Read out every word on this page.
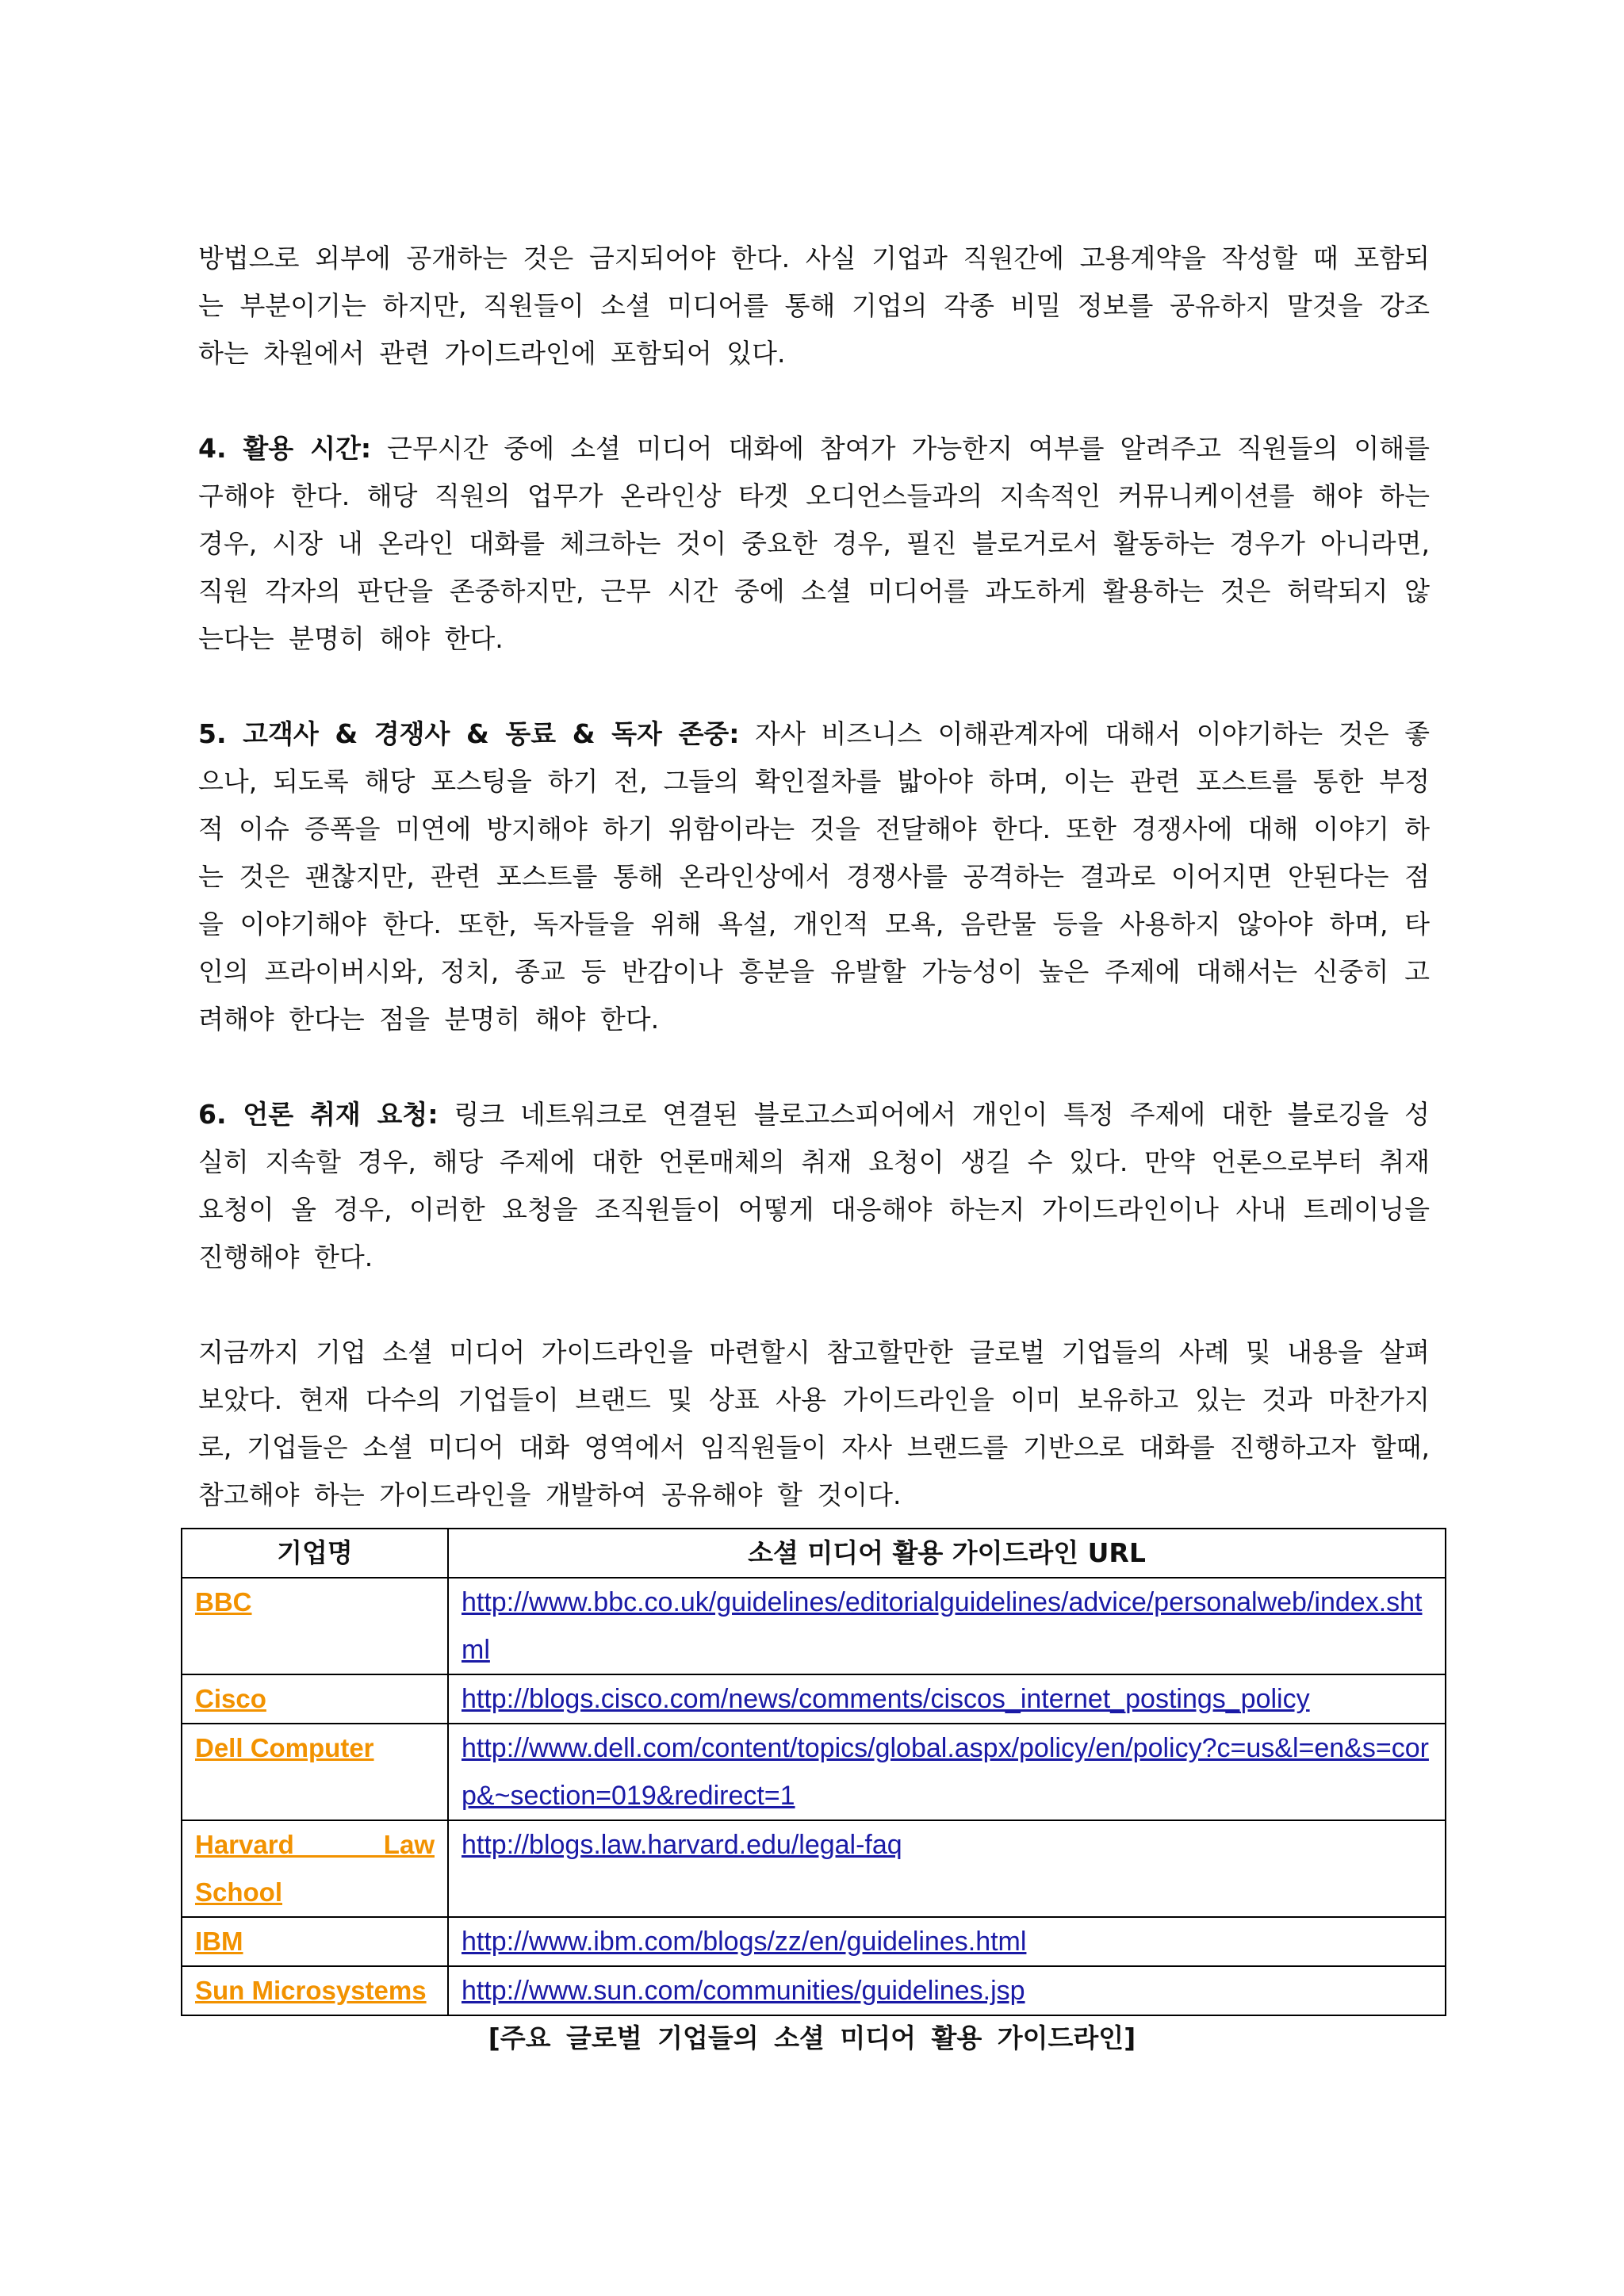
방법으로 외부에 공개하는 것은 금지되어야 한다. 사실 기업과 직원간에 고용계약을 작성할 때 포함되는 부분이기는 하지만, 직원들이 소셜 미디어를 통해 기업의 각종 비밀 정보를 공유하지 말것을 강조하는 차원에서 관련 가이드라인에 포함되어 있다.

4. 활용 시간: 근무시간 중에 소셜 미디어 대화에 참여가 가능한지 여부를 알려주고 직원들의 이해를 구해야 한다. 해당 직원의 업무가 온라인상 타겟 오디언스들과의 지속적인 커뮤니케이션를 해야 하는 경우, 시장 내 온라인 대화를 체크하는 것이 중요한 경우, 필진 블로거로서 활동하는 경우가 아니라면, 직원 각자의 판단을 존중하지만, 근무 시간 중에 소셜 미디어를 과도하게 활용하는 것은 허락되지 않는다는 분명히 해야 한다.

5. 고객사 & 경쟁사 & 동료 & 독자 존중: 자사 비즈니스 이해관계자에 대해서 이야기하는 것은 좋으나, 되도록 해당 포스팅을 하기 전, 그들의 확인절차를 밟아야 하며, 이는 관련 포스트를 통한 부정적 이슈 증폭을 미연에 방지해야 하기 위함이라는 것을 전달해야 한다. 또한 경쟁사에 대해 이야기 하는 것은 괜찮지만, 관련 포스트를 통해 온라인상에서 경쟁사를 공격하는 결과로 이어지면 안된다는 점을 이야기해야 한다. 또한, 독자들을 위해 욕설, 개인적 모욕, 음란물 등을 사용하지 않아야 하며, 타인의 프라이버시와, 정치, 종교 등 반감이나 흥분을 유발할 가능성이 높은 주제에 대해서는 신중히 고려해야 한다는 점을 분명히 해야 한다.

6. 언론 취재 요청: 링크 네트워크로 연결된 블로고스피어에서 개인이 특정 주제에 대한 블로깅을 성실히 지속할 경우, 해당 주제에 대한 언론매체의 취재 요청이 생길 수 있다. 만약 언론으로부터 취재 요청이 올 경우, 이러한 요청을 조직원들이 어떻게 대응해야 하는지 가이드라인이나 사내 트레이닝을 진행해야 한다.

지금까지 기업 소셜 미디어 가이드라인을 마련할시 참고할만한 글로벌 기업들의 사례 및 내용을 살펴보았다. 현재 다수의 기업들이 브랜드 및 상표 사용 가이드라인을 이미 보유하고 있는 것과 마찬가지로, 기업들은 소셜 미디어 대화 영역에서 임직원들이 자사 브랜드를 기반으로 대화를 진행하고자 할때, 참고해야 하는 가이드라인을 개발하여 공유해야 할 것이다.

기업명	소셜 미디어 활용 가이드라인 URL
BBC	http://www.bbc.co.uk/guidelines/editorialguidelines/advice/personalweb/index.shtml
Cisco	http://blogs.cisco.com/news/comments/ciscos_internet_postings_policy
Dell Computer	http://www.dell.com/content/topics/global.aspx/policy/en/policy?c=us&l=en&s=corp&~section=019&redirect=1
Harvard Law School	http://blogs.law.harvard.edu/legal-faq
IBM	http://www.ibm.com/blogs/zz/en/guidelines.html
Sun Microsystems	http://www.sun.com/communities/guidelines.jsp
[주요 글로벌 기업들의 소셜 미디어 활용 가이드라인]
